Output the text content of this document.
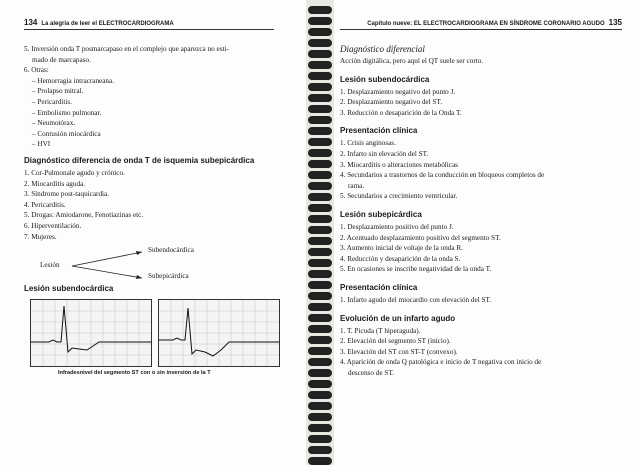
134 La alegría de leer el ELECTROCARDIOGRAMA
5. Inversión onda T posmarcapaso en el complejo que aparezca no esti-
mado de marcapaso.
6. Otras:
– Hemorragia intracraneana.
– Prolapso mitral.
– Pericarditis.
– Embolismo pulmonar.
– Neumotórax.
– Contusión miocárdica
– HVI
Diagnóstico diferencia de onda T de isquemia subepicárdica
1. Cor-Pulmonale agudo y crónico.
2. Miocarditis aguda.
3. Síndrome post-taquicardia.
4. Pericarditis.
5. Drogas: Amiodarone, Fenotiazinas etc.
6. Hiperventilación.
7. Mujeres.
Lesión
Subendocárdica
Subepicárdica
Lesión subendocárdica
Infradesnivel del segmento ST con o sin inversión de la T
Capítulo nueve: EL ELECTROCARDIOGRAMA EN SÍNDROME CORONARIO AGUDO 135
Diagnóstico diferencial
Acción digitálica, pero aquí el QT suele ser corto.
Lesión subendocárdica
1. Desplazamiento negativo del punto J.
2. Desplazamiento negativo del ST.
3. Reducción o desaparición de la Onda T.
Presentación clínica
1. Crisis anginosas.
2. Infarto sin elevación del ST.
3. Miocarditis o alteraciones metabólicas
4. Secundarios a trastornos de la conducción en bloqueos completos de
rama.
5. Secundarios a crecimiento ventricular.
Lesión subepicárdica
1. Desplazamiento positivo del punto J.
2. Acentuado desplazamiento positivo del segmento ST.
3. Aumento inicial de voltaje de la onda R.
4. Reducción y desaparición de la onda S.
5. En ocasiones se inscribe negatividad de la onda T.
Presentación clínica
1. Infarto agudo del miocardio con elevación del ST.
Evolución de un infarto agudo
1. T. Picuda (T hiperaguda).
2. Elevación del segmento ST (inicio).
3. Elevación del ST con ST-T (convexo).
4. Aparición de onda Q patológica e inicio de T negativa con inicio de
descenso de ST.
